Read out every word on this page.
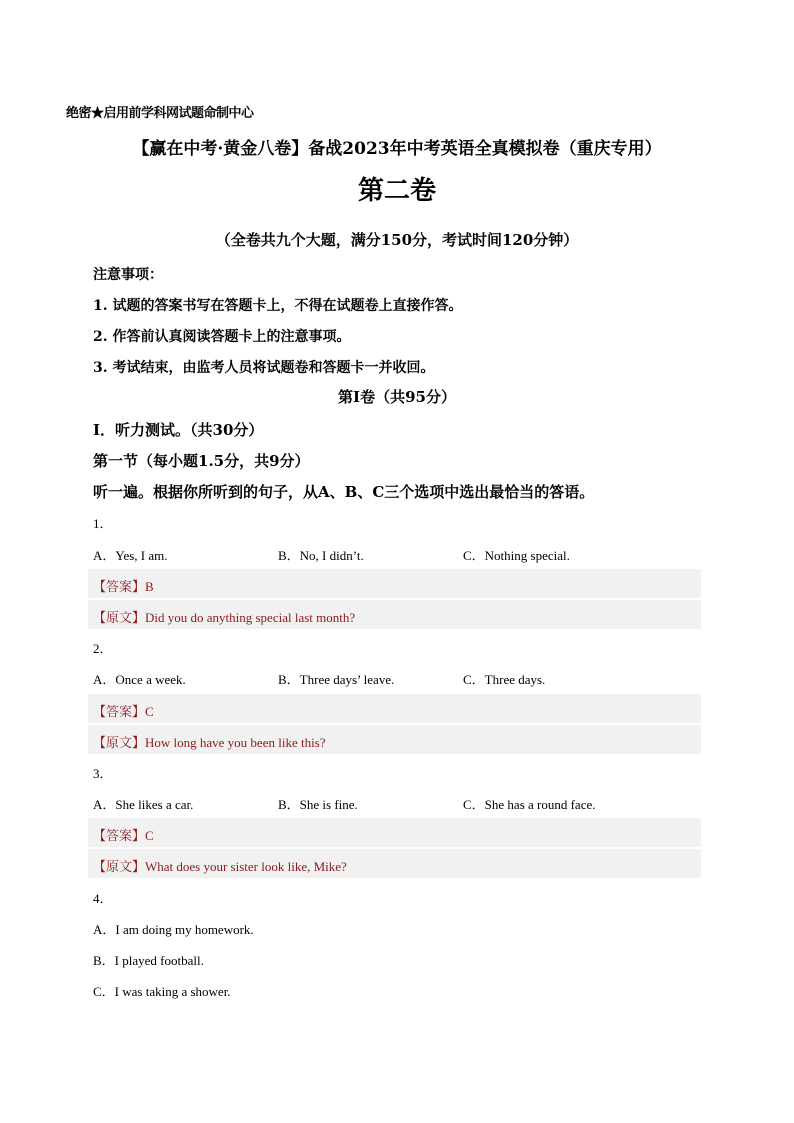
绝密★启用前学科网试题命制中心
【赢在中考·黄金八卷】备战2023年中考英语全真模拟卷（重庆专用）
第二卷
（全卷共九个大题，满分150分，考试时间120分钟）
注意事项：
1. 试题的答案书写在答题卡上，不得在试题卷上直接作答。
2. 作答前认真阅读答题卡上的注意事项。
3. 考试结束，由监考人员将试题卷和答题卡一并收回。
第I卷（共95分）
I．听力测试。（共30分）
第一节（每小题1.5分，共9分）
听一遍。根据你所听到的句子，从A、B、C三个选项中选出最恰当的答语。
1．
A．Yes, I am.	B．No, I didn’t.	C．Nothing special.
【答案】B
【原文】Did you do anything special last month?
2．
A．Once a week.	B．Three days’ leave.	C．Three days.
【答案】C
【原文】How long have you been like this?
3．
A．She likes a car.	B．She is fine.	C．She has a round face.
【答案】C
【原文】What does your sister look like, Mike?
4．
A．I am doing my homework.
B．I played football.
C．I was taking a shower.
